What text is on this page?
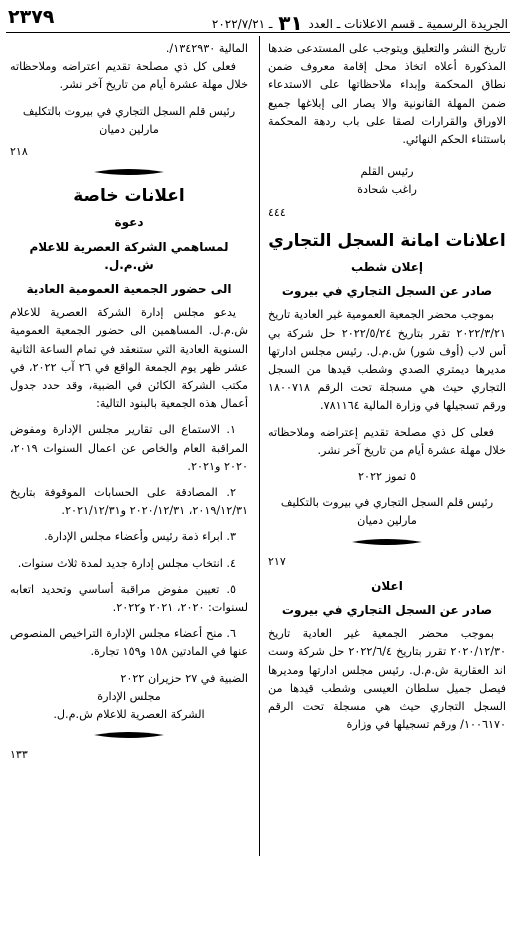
٢٣٧٩	الجريدة الرسمية ـ قسم الاعلانات ـ العدد ٣١ ـ ٢٠٢٢/٧/٢١

تاريخ النشر والتعليق ويتوجب على المستدعى ضدها المذكورة أعلاه اتخاذ محل إقامة معروف ضمن نطاق المحكمة وإبداء ملاحظاتها على الاستدعاء ضمن المهلة القانونية والا يصار الى إبلاغها جميع الاوراق والقرارات لصقا على باب ردهة المحكمة باستثناء الحكم النهائي.

رئيس القلم

راغب شحادة

٤٤٤

اعلانات امانة السجل التجاري
إعلان شطب
صادر عن السجل التجاري في بيروت

بموجب محضر الجمعية العمومية غير العادية تاريخ ٢٠٢٢/٣/٢١ تقرر بتاريخ ٢٠٢٢/٥/٢٤ حل شركة بي أس لاب (أوف شور) ش.م.ل. رئيس مجلس ادارتها مديرها ديمتري الصدي وشطب قيدها من السجل التجاري حيث هي مسجلة تحت الرقم ١٨٠٠٧١٨ ورقم تسجيلها في وزارة المالية ٧٨١١٦٤.

فعلى كل ذي مصلحة تقديم إعتراضه وملاحظاته خلال مهلة عشرة أيام من تاريخ آخر نشر.

٥ تموز ٢٠٢٢

رئيس قلم السجل التجاري في بيروت بالتكليف

مارلين دميان

٢١٧

اعلان
صادر عن السجل التجاري في بيروت

بموجب محضر الجمعية غير العادية تاريخ ٢٠٢٠/١٢/٣٠ تقرر بتاريخ ٢٠٢٢/٦/٤ حل شركة وست اند العقارية ش.م.ل. رئيس مجلس ادارتها ومديرها فيصل جميل سلطان العيسى وشطب قيدها من السجل التجاري حيث هي مسجلة تحت الرقم ١٠٠٦١٧٠/ ورقم تسجيلها في وزارة

المالية ١٣٤٢٩٣٠/.

فعلى كل ذي مصلحة تقديم اعتراضه وملاحظاته خلال مهلة عشرة أيام من تاريخ آخر نشر.

رئيس قلم السجل التجاري في بيروت بالتكليف

مارلين دميان

٢١٨

اعلانات خاصة
دعوة
لمساهمي الشركة العصرية للاعلام ش.م.ل.
الى حضور الجمعية العمومية العادية

يدعو مجلس إدارة الشركة العصرية للاعلام ش.م.ل. المساهمين الى حضور الجمعية العمومية السنوية العادية التي ستنعقد في تمام الساعة الثانية عشر ظهر يوم الجمعة الواقع في ٢٦ آب ٢٠٢٢، في مكتب الشركة الكائن في الضبية، وقد حدد جدول أعمال هذه الجمعية بالبنود التالية:

١. الاستماع الى تقارير مجلس الإدارة ومفوض المراقبة العام والخاص عن اعمال السنوات ٢٠١٩، ٢٠٢٠ و٢٠٢١.

٢. المصادقة على الحسابات الموقوفة بتاريخ ٢٠١٩/١٢/٣١، ٢٠٢٠/١٢/٣١ و٢٠٢١/١٢/٣١.

٣. ابراء ذمة رئيس وأعضاء مجلس الإدارة.

٤. انتخاب مجلس إدارة جديد لمدة ثلاث سنوات.

٥. تعيين مفوض مراقبة أساسي وتحديد اتعابه لسنوات: ٢٠٢٠، ٢٠٢١ و٢٠٢٢.

٦. منح أعضاء مجلس الإدارة التراخيص المنصوص عنها في المادتين ١٥٨ و١٥٩ تجارة.

الضبية في ٢٧ حزيران ٢٠٢٢

مجلس الإدارة

الشركة العصرية للاعلام ش.م.ل.

١٣٣
